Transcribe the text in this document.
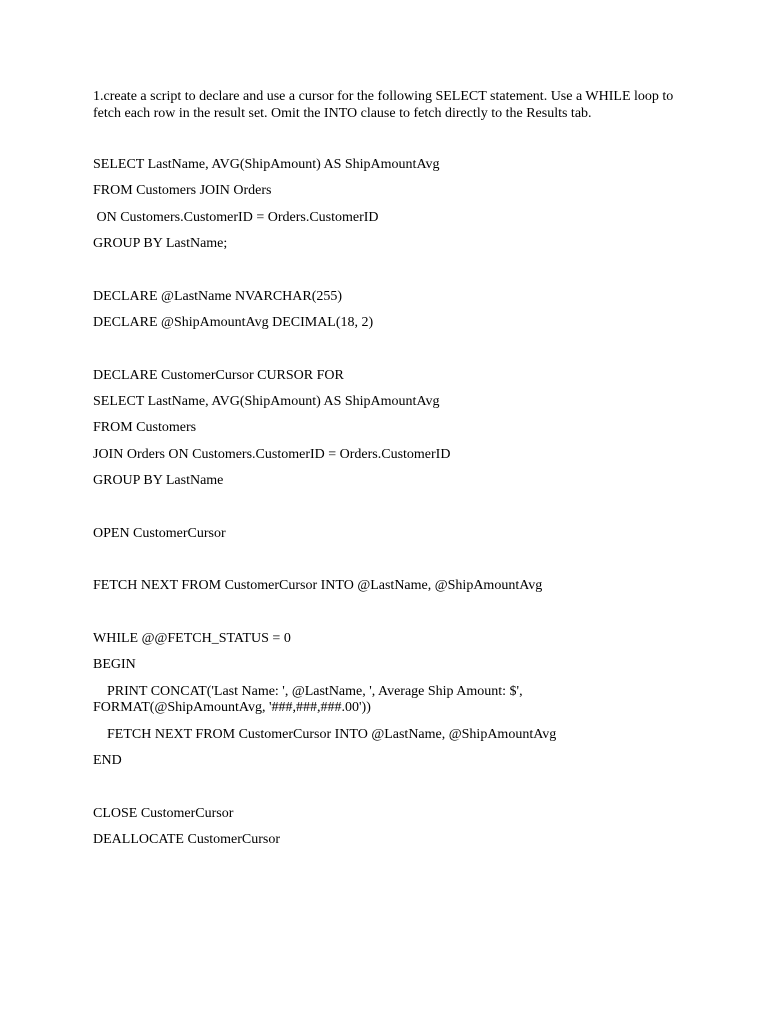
1.create a script to declare and use a cursor for the following SELECT statement. Use a WHILE loop to fetch each row in the result set. Omit the INTO clause to fetch directly to the Results tab.
SELECT LastName, AVG(ShipAmount) AS ShipAmountAvg
FROM Customers JOIN Orders
ON Customers.CustomerID = Orders.CustomerID
GROUP BY LastName;
DECLARE @LastName NVARCHAR(255)
DECLARE @ShipAmountAvg DECIMAL(18, 2)
DECLARE CustomerCursor CURSOR FOR
SELECT LastName, AVG(ShipAmount) AS ShipAmountAvg
FROM Customers
JOIN Orders ON Customers.CustomerID = Orders.CustomerID
GROUP BY LastName
OPEN CustomerCursor
FETCH NEXT FROM CustomerCursor INTO @LastName, @ShipAmountAvg
WHILE @@FETCH_STATUS = 0
BEGIN
PRINT CONCAT('Last Name: ', @LastName, ', Average Ship Amount: $',
FORMAT(@ShipAmountAvg, '###,###,###.00'))
FETCH NEXT FROM CustomerCursor INTO @LastName, @ShipAmountAvg
END
CLOSE CustomerCursor
DEALLOCATE CustomerCursor
